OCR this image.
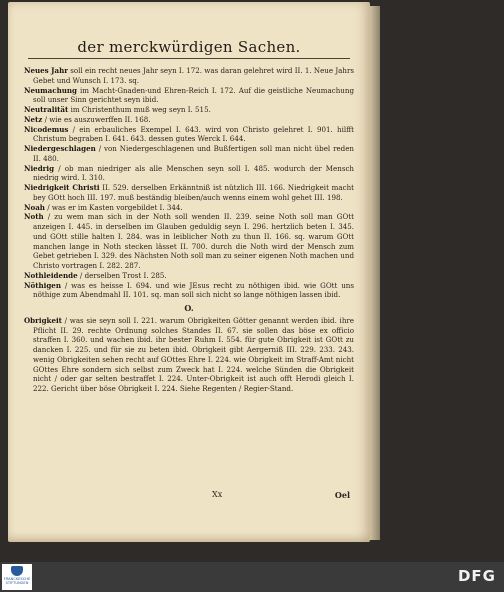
der merckwürdigen Sachen.

Neues Jahr soll ein recht neues Jahr seyn I. 172. was daran gelehret wird II. 1. Neue Jahrs Gebet und Wunsch I. 173. sq.

Neumachung im Macht-Gnaden-und Ehren-Reich I. 172. Auf die geistliche Neumachung soll unser Sinn gerichtet seyn ibid.

Neutralität im Christenthum muß weg seyn I. 515.

Netz / wie es auszuwerffen II. 168.

Nicodemus / ein erbauliches Exempel I. 643. wird von Christo gelehret I. 901. hilfft Christum begraben I. 641. 643. dessen gutes Werck I. 644.

Niedergeschlagen / von Niedergeschlagenen und Bußfertigen soll man nicht übel reden II. 480.

Niedrig / ob man niedriger als alle Menschen seyn soll I. 485. wodurch der Mensch niedrig wird. I. 310.

Niedrigkeit Christi II. 529. derselben Erkänntniß ist nützlich III. 166. Niedrigkeit macht bey GOtt hoch III. 197. muß beständig bleiben/auch wenns einem wohl gehet III. 198.

Noah / was er im Kasten vorgebildet I. 344.

Noth / zu wem man sich in der Noth soll wenden II. 239. seine Noth soll man GOtt anzeigen I. 445. in derselben im Glauben geduldig seyn I. 296. hertzlich beten I. 345. und GOtt stille halten I. 284. was in leiblicher Noth zu thun II. 166. sq. warum GOtt manchen lange in Noth stecken lässet II. 700. durch die Noth wird der Mensch zum Gebet getrieben I. 329. des Nächsten Noth soll man zu seiner eigenen Noth machen und Christo vortragen I. 282. 287.

Nothleidende / derselben Trost I. 285.

Nöthigen / was es heisse I. 694. und wie JEsus recht zu nöthigen ibid. wie GOtt uns nöthige zum Abendmahl II. 101. sq. man soll sich nicht so lange nöthigen lassen ibid.

O.

Obrigkeit / was sie seyn soll I. 221. warum Obrigkeiten Götter genannt werden ibid. ihre Pflicht II. 29. rechte Ordnung solches Standes II. 67. sie sollen das böse ex officio straffen I. 360. und wachen ibid. ihr bester Ruhm I. 554. für gute Obrigkeit ist GOtt zu dancken I. 225. und für sie zu beten ibid. Obrigkeit gibt Aergerniß III. 229. 233. 243. wenig Obrigkeiten sehen recht auf GOttes Ehre I. 224. wie Obrigkeit im Straff-Amt nicht GOttes Ehre sondern sich selbst zum Zweck hat I. 224. welche Sünden die Obrigkeit nicht / oder gar selten bestraffet I. 224. Unter-Obrigkeit ist auch offt Herodi gleich I. 222. Gericht über böse Obrigkeit I. 224. Siehe Regenten / Regier-Stand.

Xx	Oel
FRANCKESCHE STIFTUNGEN	DFG
